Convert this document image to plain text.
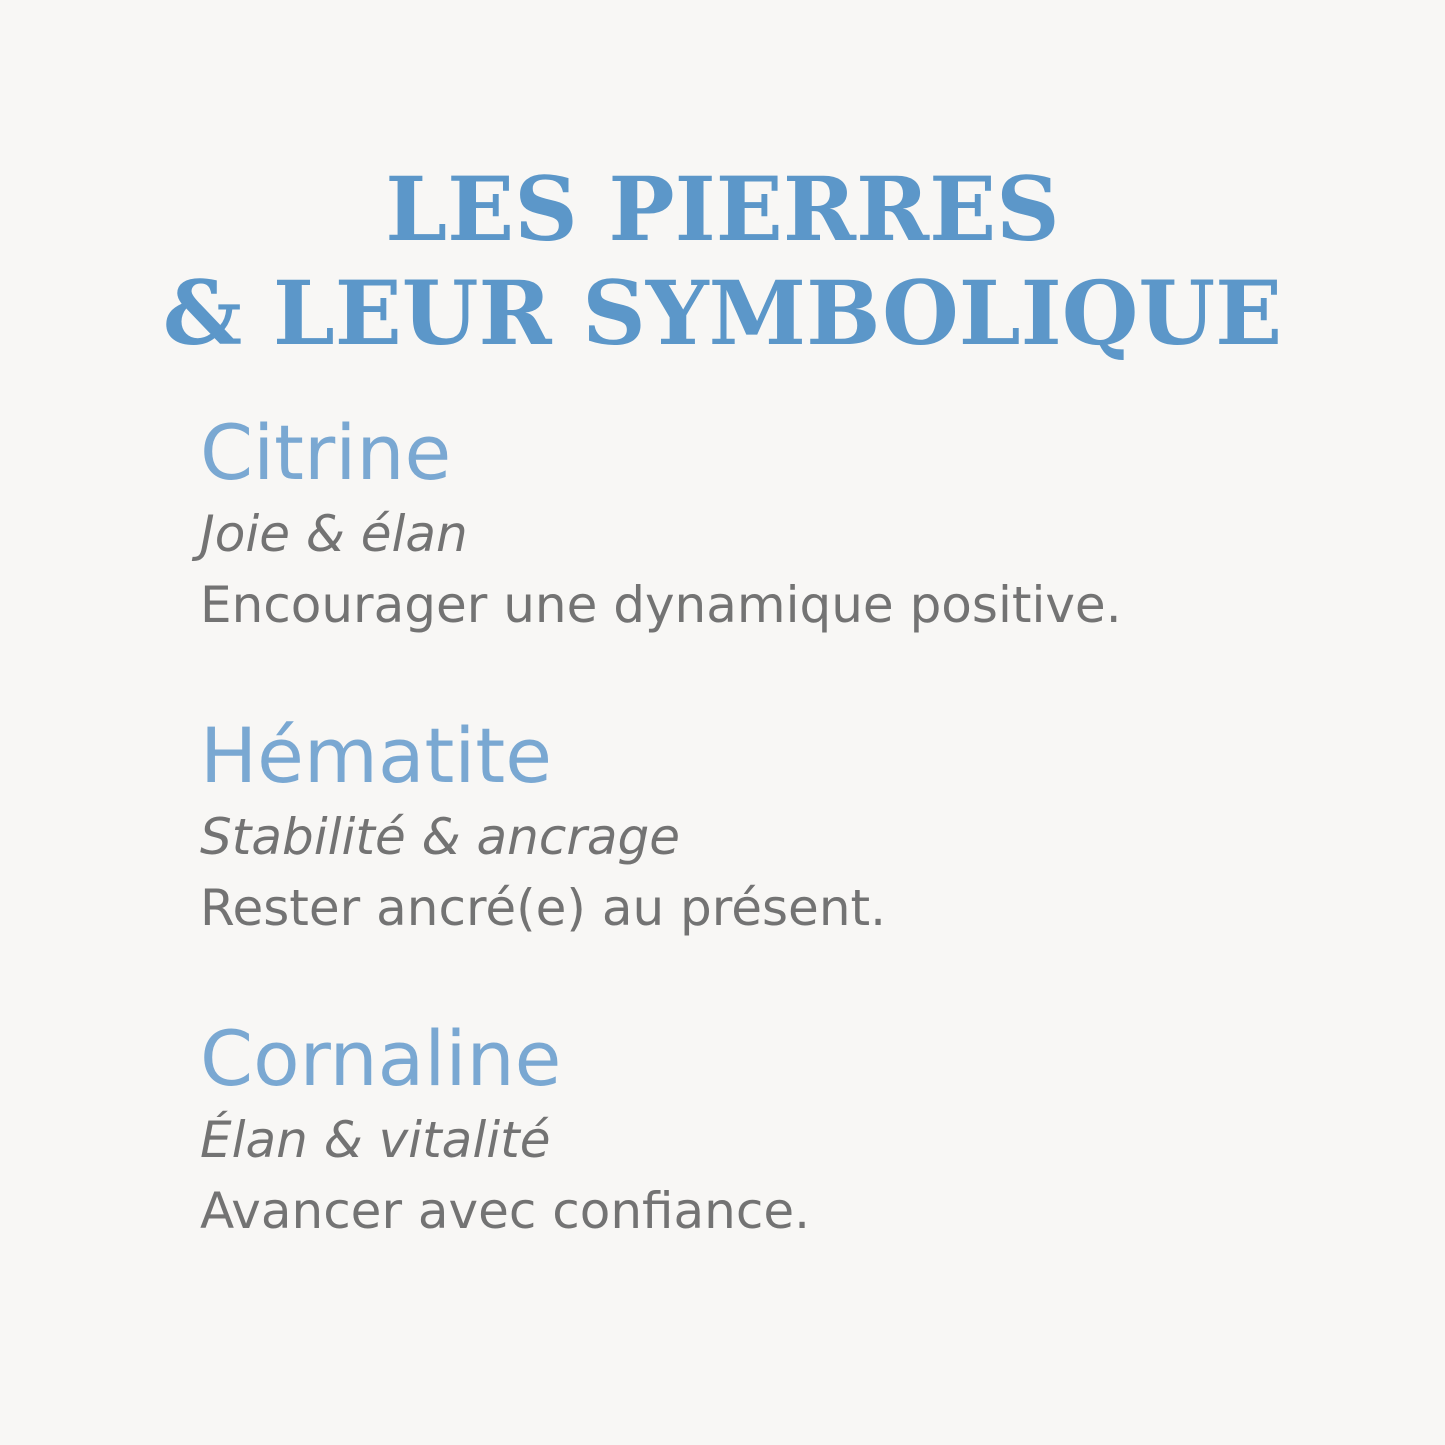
LES PIERRES
& LEUR SYMBOLIQUE
Citrine
Joie & élan
Encourager une dynamique positive.
Hématite
Stabilité & ancrage
Rester ancré(e) au présent.
Cornaline
Élan & vitalité
Avancer avec confiance.
